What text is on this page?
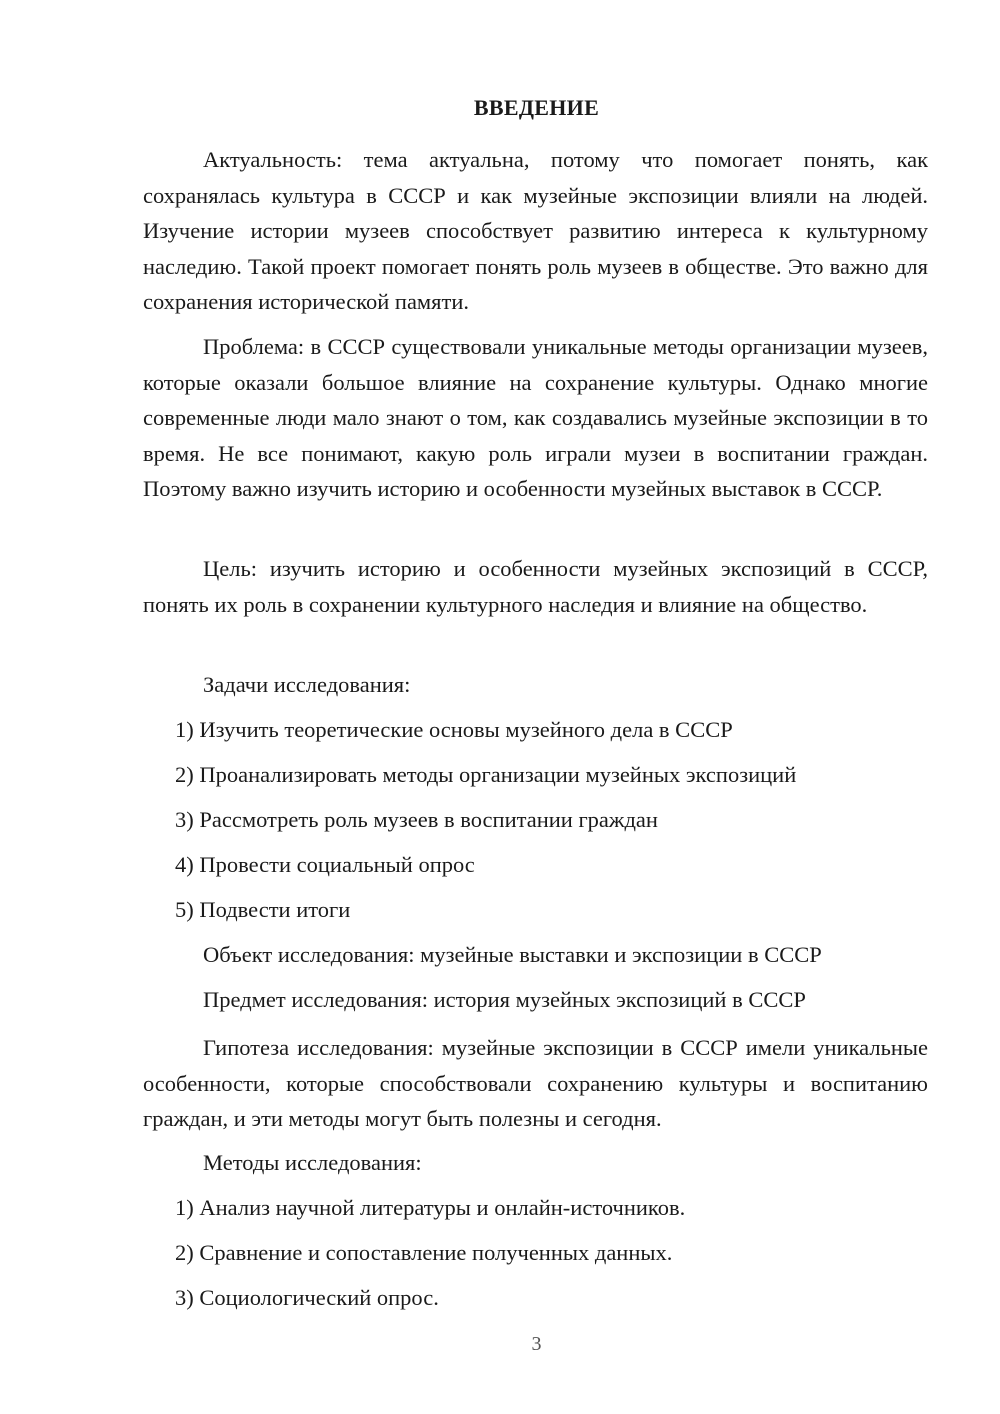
ВВЕДЕНИЕ

Актуальность: тема актуальна, потому что помогает понять, как сохранялась культура в СССР и как музейные экспозиции влияли на людей. Изучение истории музеев способствует развитию интереса к культурному наследию. Такой проект помогает понять роль музеев в обществе. Это важно для сохранения исторической памяти.

Проблема: в СССР существовали уникальные методы организации музеев, которые оказали большое влияние на сохранение культуры. Однако многие современные люди мало знают о том, как создавались музейные экспозиции в то время. Не все понимают, какую роль играли музеи в воспитании граждан. Поэтому важно изучить историю и особенности музейных выставок в СССР.

Цель: изучить историю и особенности музейных экспозиций в СССР, понять их роль в сохранении культурного наследия и влияние на общество.

Задачи исследования:

1) Изучить теоретические основы музейного дела в СССР

2) Проанализировать методы организации музейных экспозиций

3) Рассмотреть роль музеев в воспитании граждан

4) Провести социальный опрос

5) Подвести итоги

Объект исследования: музейные выставки и экспозиции в СССР

Предмет исследования: история музейных экспозиций в СССР

Гипотеза исследования: музейные экспозиции в СССР имели уникальные особенности, которые способствовали сохранению культуры и воспитанию граждан, и эти методы могут быть полезны и сегодня.

Методы исследования:

1) Анализ научной литературы и онлайн-источников.

2) Сравнение и сопоставление полученных данных.

3) Социологический опрос.

3
